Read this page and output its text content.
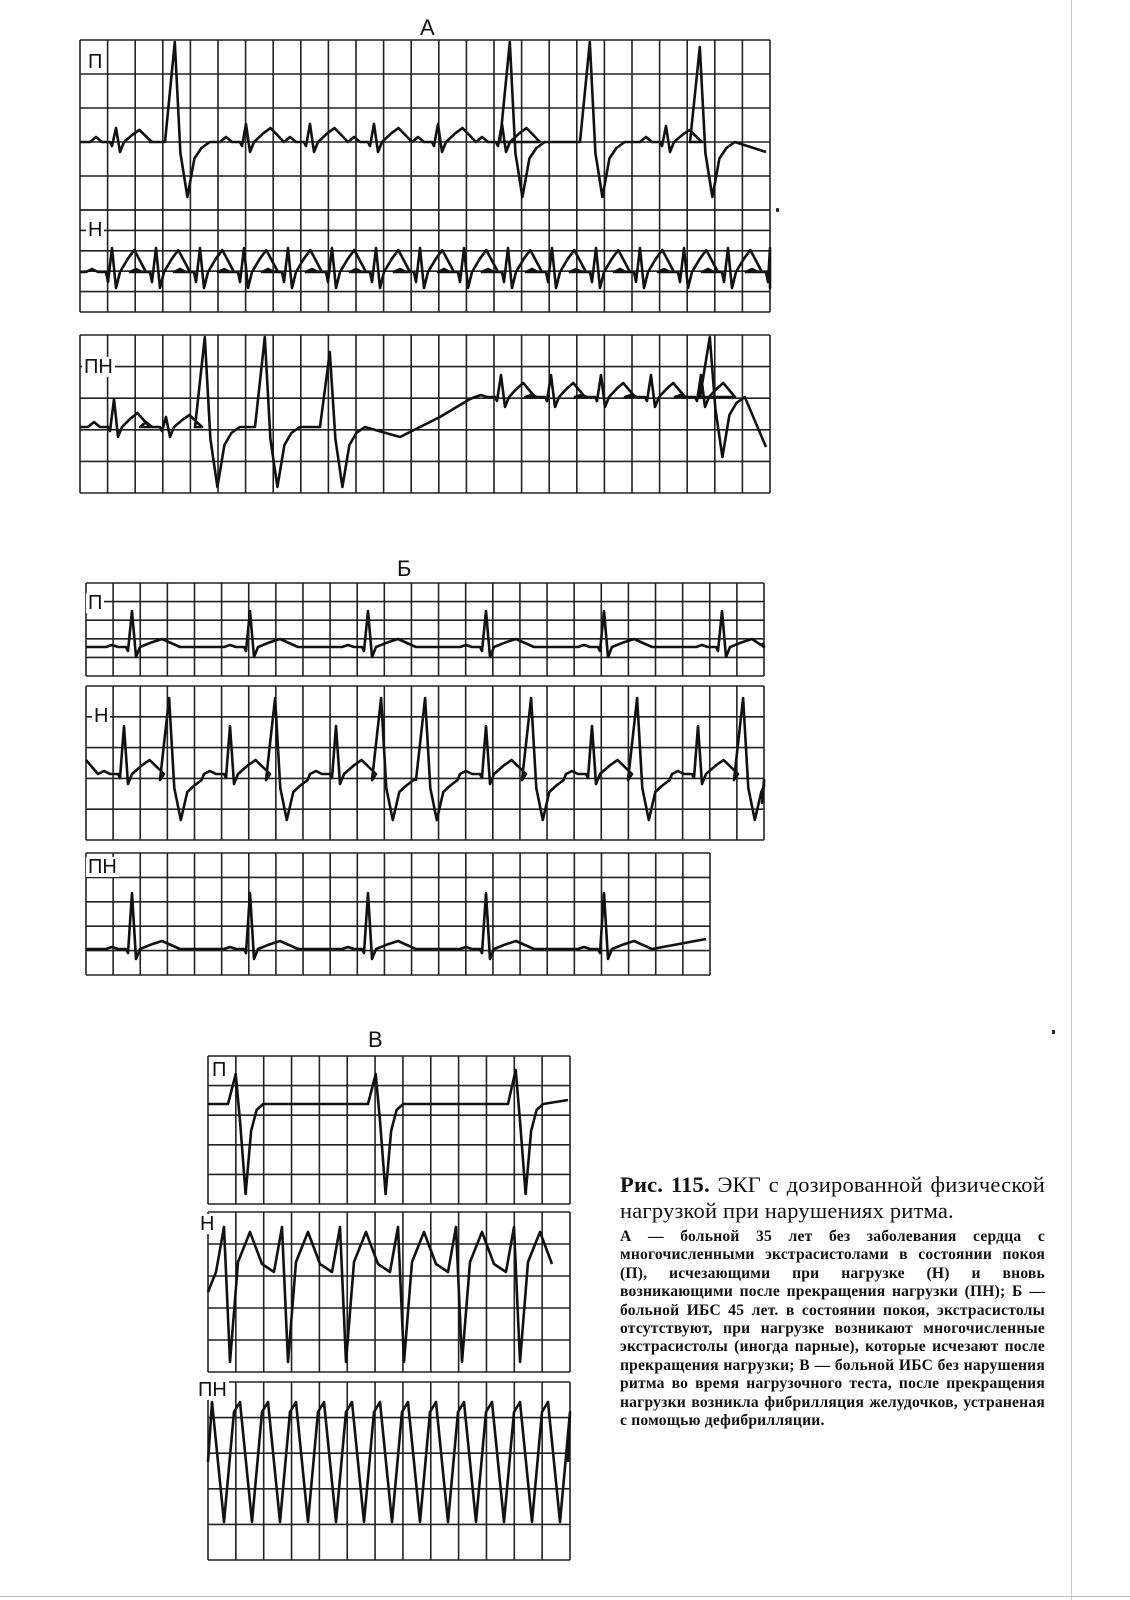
А
П
Н
ПН
Б
П
Н
ПН
В
П
Н
ПН
Рис. 115. ЭКГ с дозированной физической нагрузкой при нарушениях ритма.
А — больной 35 лет без заболевания сердца с многочисленными экстрасистолами в состоянии покоя (П), исчезающими при нагрузке (Н) и вновь возникающими после прекращения нагрузки (ПН); Б — больной ИБС 45 лет. в состоянии покоя, экстрасистолы отсутствуют, при нагрузке возникают многочисленные экстрасистолы (иногда парные), которые исчезают после прекращения нагрузки; В — больной ИБС без нарушения ритма во время нагрузочного теста, после прекращения нагрузки возникла фибрилляция желудочков, устраненая с помощью дефибрилляции.
